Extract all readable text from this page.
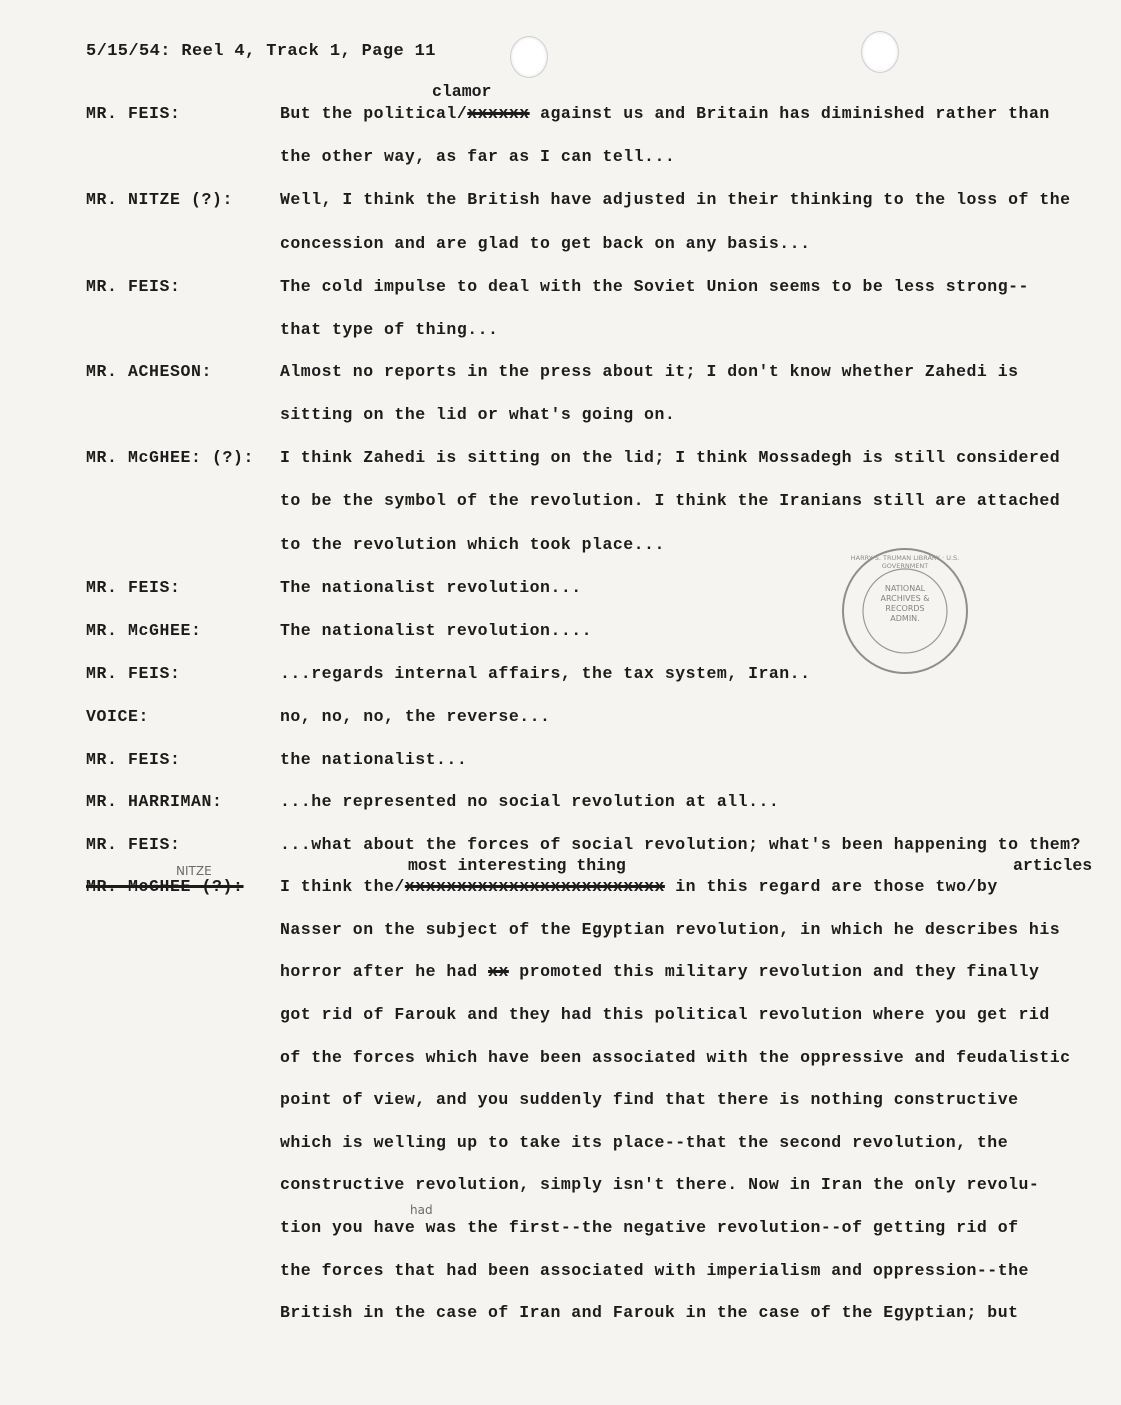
5/15/54: Reel 4, Track 1, Page 11
MR. FEIS:
MR. NITZE (?):
MR. FEIS:
MR. ACHESON:
MR. McGHEE: (?):
MR. FEIS:
MR. McGHEE:
MR. FEIS:
VOICE:
MR. FEIS:
MR. HARRIMAN:
MR. FEIS:
MR. McGHEE (?):
NITZE
clamor
But the political/xxxxxx against us and Britain has diminished rather than
the other way, as far as I can tell...
Well, I think the British have adjusted in their thinking to the loss of the
concession and are glad to get back on any basis...
The cold impulse to deal with the Soviet Union seems to be less strong--
that type of thing...
Almost no reports in the press about it; I don't know whether Zahedi is
sitting on the lid or what's going on.
I think Zahedi is sitting on the lid; I think Mossadegh is still considered
to be the symbol of the revolution. I think the Iranians still are attached
to the revolution which took place...
The nationalist revolution...
The nationalist revolution....
...regards internal affairs, the tax system, Iran..
no, no, no, the reverse...
the nationalist...
...he represented no social revolution at all...
...what about the forces of social revolution; what's been happening to them?
most interesting thing	articles
I think the/xxxxxxxxxxxxxxxxxxxxxxxxx in this regard are those two/by
Nasser on the subject of the Egyptian revolution, in which he describes his
horror after he had xx promoted this military revolution and they finally
got rid of Farouk and they had this political revolution where you get rid
of the forces which have been associated with the oppressive and feudalistic
point of view, and you suddenly find that there is nothing constructive
which is welling up to take its place--that the second revolution, the
constructive revolution, simply isn't there. Now in Iran the only revolu-
had
tion you have was the first--the negative revolution--of getting rid of
the forces that had been associated with imperialism and oppression--the
British in the case of Iran and Farouk in the case of the Egyptian; but
NATIONAL ARCHIVES & RECORDS ADMIN.
HARRY S. TRUMAN LIBRARY · U.S. GOVERNMENT
